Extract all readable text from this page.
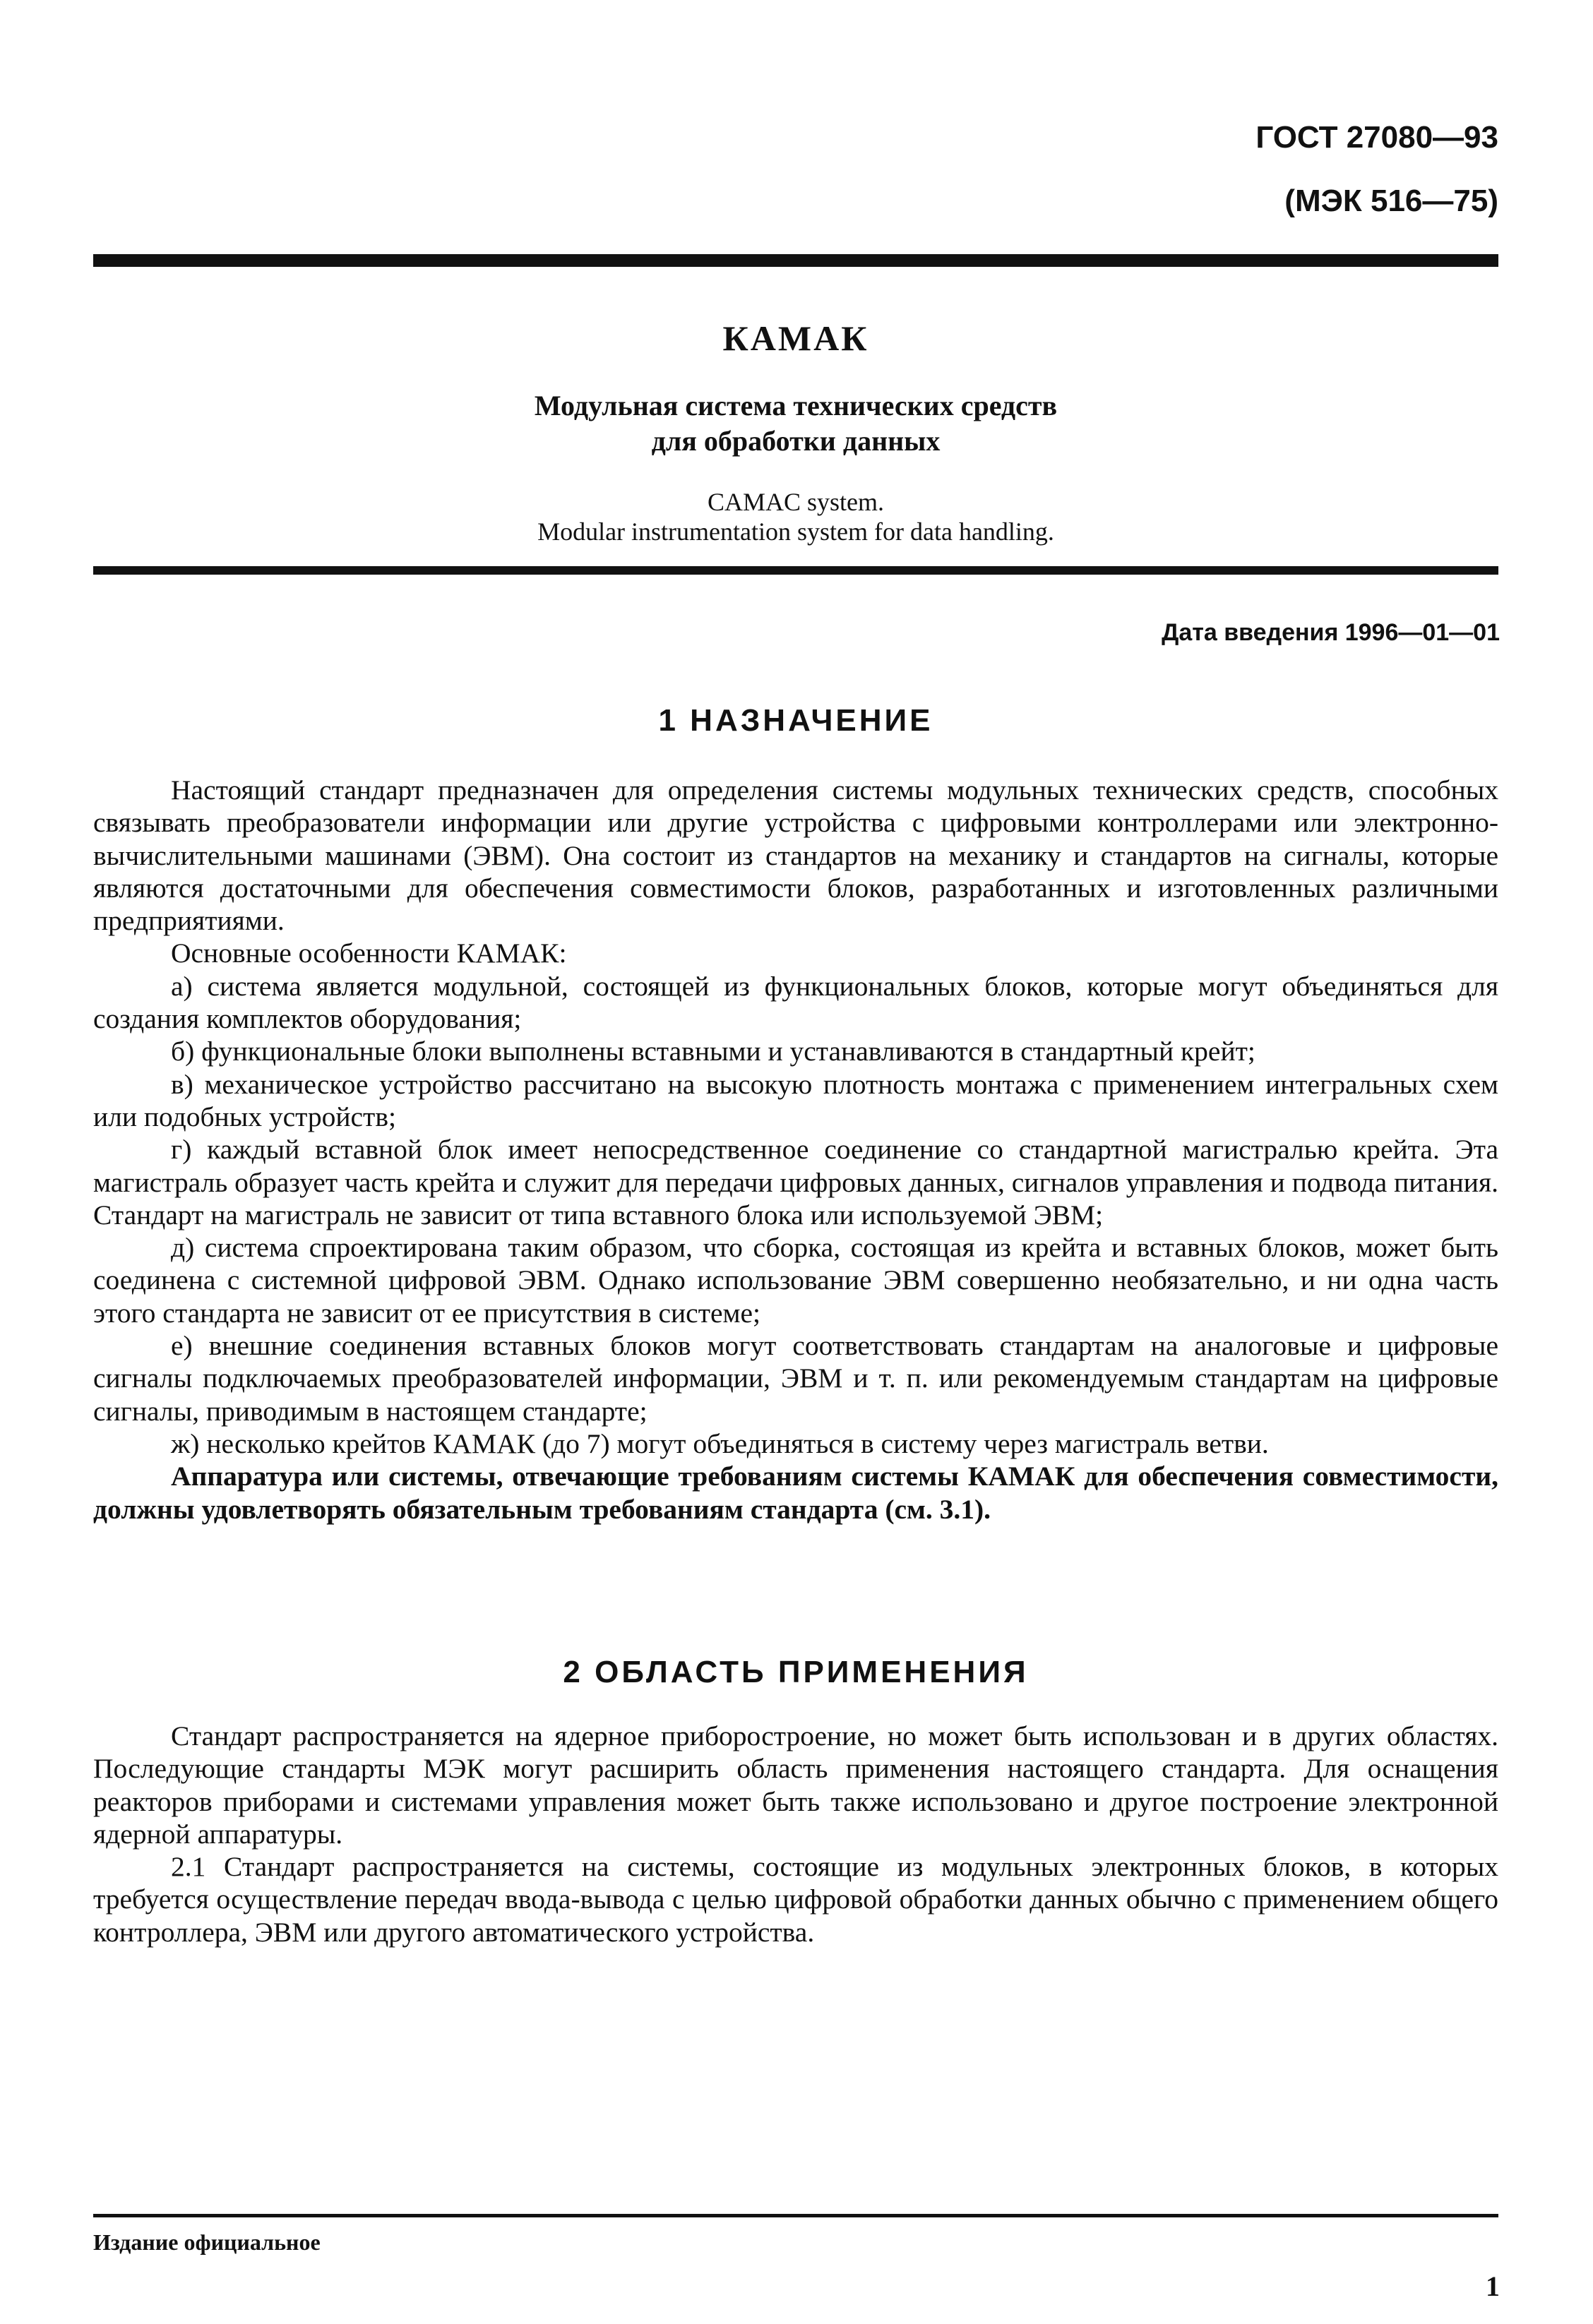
ГОСТ 27080—93
(МЭК 516—75)
КАМАК
Модульная система технических средств
для обработки данных
CAMAC system.
Modular instrumentation system for data handling.
Дата введения 1996—01—01
1 НАЗНАЧЕНИЕ

Настоящий стандарт предназначен для определения системы модульных технических средств, способных связывать преобразователи информации или другие устройства с цифровыми контроллерами или электронно-вычислительными машинами (ЭВМ). Она состоит из стандартов на механику и стандартов на сигналы, которые являются достаточными для обеспечения совместимости блоков, разработанных и изготовленных различными предприятиями.

Основные особенности КАМАК:

а) система является модульной, состоящей из функциональных блоков, которые могут объединяться для создания комплектов оборудования;

б) функциональные блоки выполнены вставными и устанавливаются в стандартный крейт;

в) механическое устройство рассчитано на высокую плотность монтажа с применением интегральных схем или подобных устройств;

г) каждый вставной блок имеет непосредственное соединение со стандартной магистралью крейта. Эта магистраль образует часть крейта и служит для передачи цифровых данных, сигналов управления и подвода питания. Стандарт на магистраль не зависит от типа вставного блока или используемой ЭВМ;

д) система спроектирована таким образом, что сборка, состоящая из крейта и вставных блоков, может быть соединена с системной цифровой ЭВМ. Однако использование ЭВМ совершенно необязательно, и ни одна часть этого стандарта не зависит от ее присутствия в системе;

е) внешние соединения вставных блоков могут соответствовать стандартам на аналоговые и цифровые сигналы подключаемых преобразователей информации, ЭВМ и т. п. или рекомендуемым стандартам на цифровые сигналы, приводимым в настоящем стандарте;

ж) несколько крейтов КАМАК (до 7) могут объединяться в систему через магистраль ветви.

Аппаратура или системы, отвечающие требованиям системы КАМАК для обеспечения совместимости, должны удовлетворять обязательным требованиям стандарта (см. 3.1).

2 ОБЛАСТЬ ПРИМЕНЕНИЯ

Стандарт распространяется на ядерное приборостроение, но может быть использован и в других областях. Последующие стандарты МЭК могут расширить область применения настоящего стандарта. Для оснащения реакторов приборами и системами управления может быть также использовано и другое построение электронной ядерной аппаратуры.

2.1 Стандарт распространяется на системы, состоящие из модульных электронных блоков, в которых требуется осуществление передач ввода-вывода с целью цифровой обработки данных обычно с применением общего контроллера, ЭВМ или другого автоматического устройства.

Издание официальное
1
